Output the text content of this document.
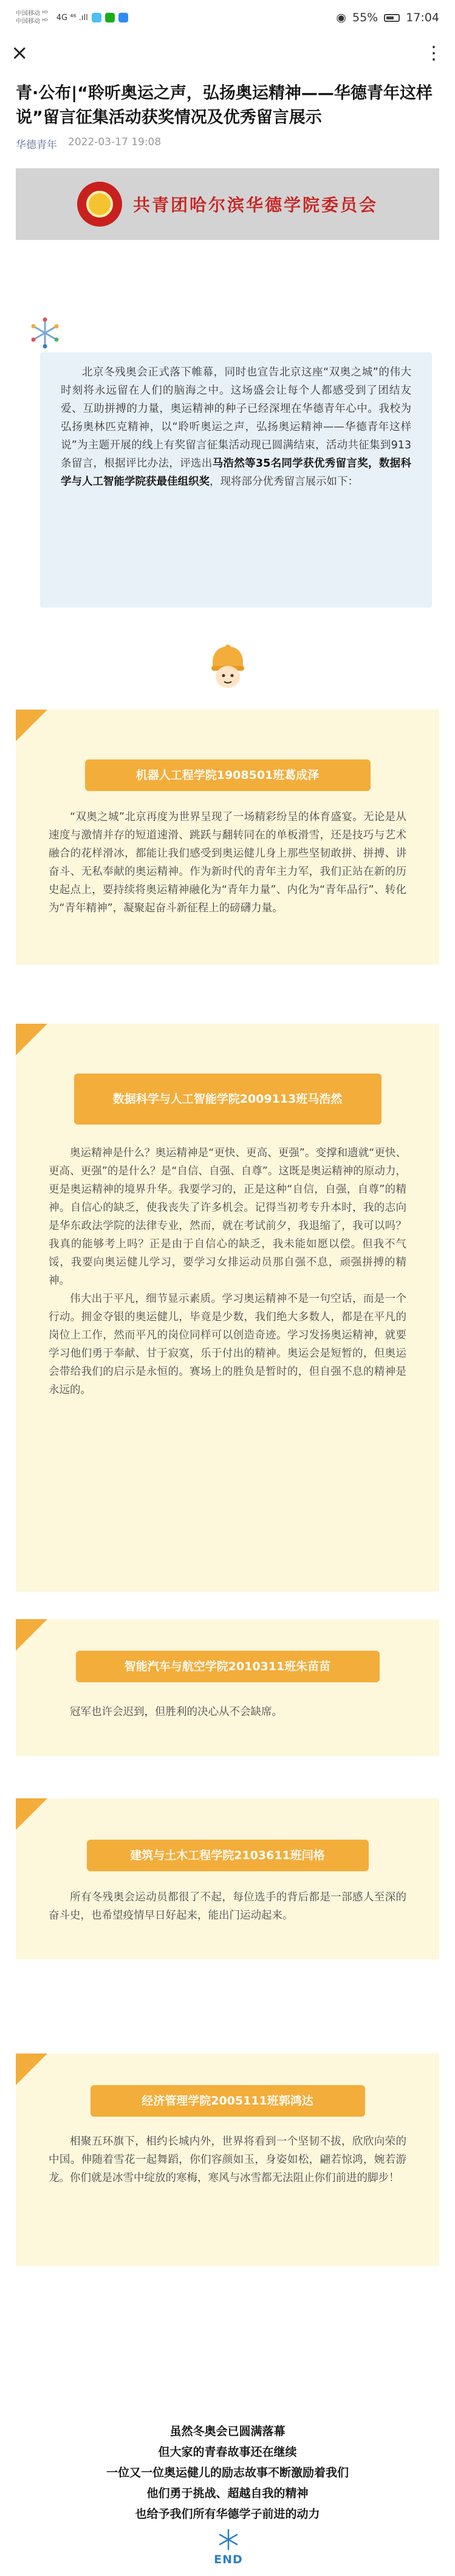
中国移动 ᴴᴰ
中国移动 ᴴᴰ 4G ⁴⁶ .ıll	◉ 55% 17:04
×	⋮
青·公布|“聆听奥运之声，弘扬奥运精神——华德青年这样说”留言征集活动获奖情况及优秀留言展示
华德青年 2022-03-17 19:08
共青团哈尔滨华德学院委员会

北京冬残奥会正式落下帷幕，同时也宣告北京这座“双奥之城”的伟大时刻将永远留在人们的脑海之中。这场盛会让每个人都感受到了团结友爱、互助拼搏的力量，奥运精神的种子已经深埋在华德青年心中。我校为弘扬奥林匹克精神，以“聆听奥运之声，弘扬奥运精神——华德青年这样说”为主题开展的线上有奖留言征集活动现已圆满结束，活动共征集到913条留言，根据评比办法，评选出马浩然等35名同学获优秀留言奖，数据科学与人工智能学院获最佳组织奖，现将部分优秀留言展示如下：

机器人工程学院1908501班葛成泽

“双奥之城”北京再度为世界呈现了一场精彩纷呈的体育盛宴。无论是从速度与激情并存的短道速滑、跳跃与翻转同在的单板滑雪，还是技巧与艺术融合的花样滑冰，都能让我们感受到奥运健儿身上那些坚韧敢拼、拼搏、讲奋斗、无私奉献的奥运精神。作为新时代的青年主力军，我们正站在新的历史起点上，要持续将奥运精神融化为“青年力量”、内化为“青年品行”、转化为“青年精神”，凝聚起奋斗新征程上的磅礴力量。

数据科学与人工智能学院2009113班马浩然

奥运精神是什么？奥运精神是“更快、更高、更强”。变撑和遗就“更快、更高、更强”的是什么？是“自信、自强、自尊”。这既是奥运精神的原动力，更是奥运精神的境界升华。我要学习的，正是这种“自信，自强，自尊”的精神。自信心的缺乏，使我丧失了许多机会。记得当初考专升本时，我的志向是华东政法学院的法律专业，然而，就在考试前夕，我退缩了，我可以吗？我真的能够考上吗？正是由于自信心的缺乏，我未能如愿以偿。但我不气馁，我要向奥运健儿学习，要学习女排运动员那自强不息，顽强拼搏的精神。

伟大出于平凡，细节显示素质。学习奥运精神不是一句空话，而是一个行动。拥金夺银的奥运健儿，毕竟是少数，我们绝大多数人，都是在平凡的岗位上工作，然而平凡的岗位同样可以创造奇迹。学习发扬奥运精神，就要学习他们勇于奉献、甘于寂寞，乐于付出的精神。奥运会是短暂的，但奥运会带给我们的启示是永恒的。赛场上的胜负是暂时的，但自强不息的精神是永远的。

智能汽车与航空学院2010311班朱苗苗

冠军也许会迟到，但胜利的决心从不会缺席。

建筑与土木工程学院2103611班闫格

所有冬残奥会运动员都很了不起，每位选手的背后都是一部感人至深的奋斗史，也希望疫情早日好起来，能出门运动起来。

经济管理学院2005111班郭鸿达

相聚五环旗下，相约长城内外，世界将看到一个坚韧不拔，欣欣向荣的中国。伸随着雪花一起舞蹈，你们容颜如玉，身姿如松，翩若惊鸿，婉若游龙。你们就是冰雪中绽放的寒梅，寒风与冰雪都无法阻止你们前进的脚步！

虽然冬奥会已圆满落幕

但大家的青春故事还在继续

一位又一位奥运健儿的励志故事不断激励着我们

他们勇于挑战、超越自我的精神

也给予我们所有华德学子前进的动力

END
